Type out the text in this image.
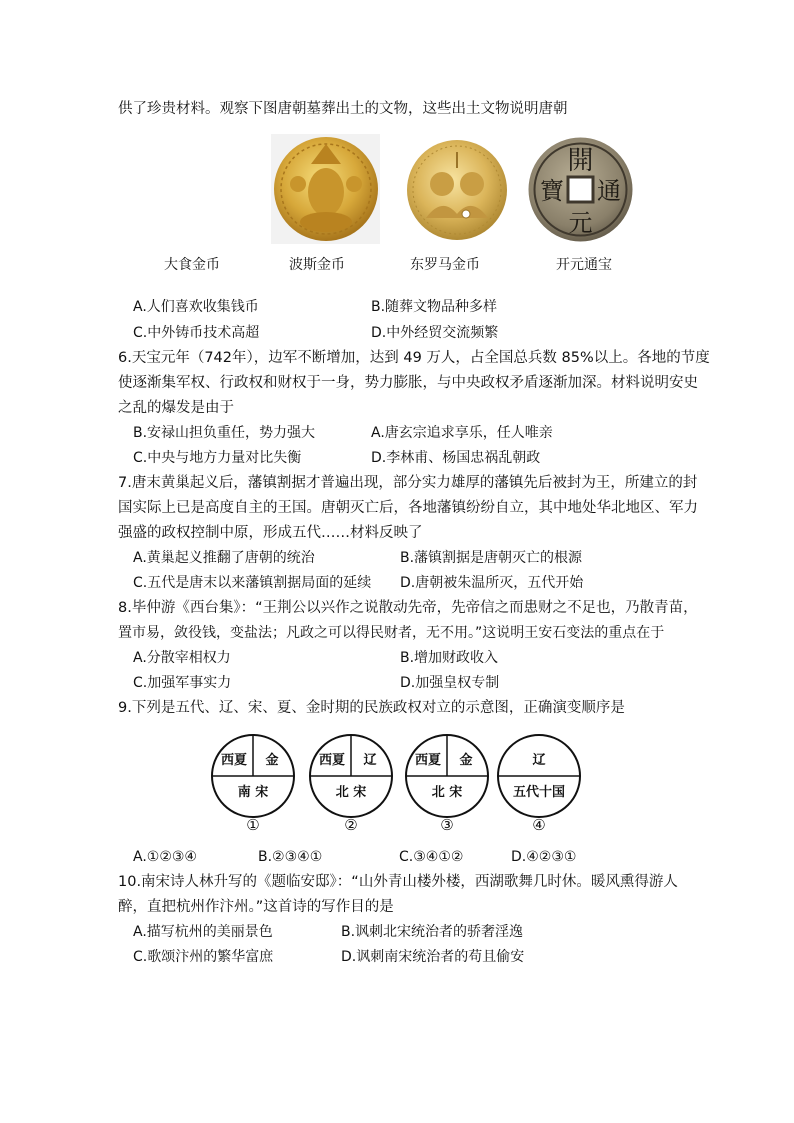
供了珍贵材料。观察下图唐朝墓葬出土的文物，这些出土文物说明唐朝
開
通
元
寶
大食金币	波斯金币	东罗马金币	开元通宝
A.人们喜欢收集钱币	B.随葬文物品种多样
C.中外铸币技术高超	D.中外经贸交流频繁
6.天宝元年（742年），边军不断增加，达到 49 万人，占全国总兵数 85%以上。各地的节度
使逐渐集军权、行政权和财权于一身，势力膨胀，与中央政权矛盾逐渐加深。材料说明安史
之乱的爆发是由于
B.安禄山担负重任，势力强大	A.唐玄宗追求享乐，任人唯亲
C.中央与地方力量对比失衡	D.李林甫、杨国忠祸乱朝政
7.唐末黄巢起义后，藩镇割据才普遍出现，部分实力雄厚的藩镇先后被封为王，所建立的封
国实际上已是高度自主的王国。唐朝灭亡后，各地藩镇纷纷自立，其中地处华北地区、军力
强盛的政权控制中原，形成五代……材料反映了
A.黄巢起义推翻了唐朝的统治	B.藩镇割据是唐朝灭亡的根源
C.五代是唐末以来藩镇割据局面的延续 D.唐朝被朱温所灭，五代开始
8.毕仲游《西台集》：“王荆公以兴作之说散动先帝，先帝信之而患财之不足也，乃散青苗，
置市易，敛役钱，变盐法；凡政之可以得民财者，无不用。”这说明王安石变法的重点在于
A.分散宰相权力	B.增加财政收入
C.加强军事实力	D.加强皇权专制
9.下列是五代、辽、宋、夏、金时期的民族政权对立的示意图，正确演变顺序是
西夏 金
南 宋
西夏 辽
北 宋
西夏 金
北 宋
辽
五代十国
①	②	③	④
A.①②③④	B.②③④①	C.③④①②	D.④②③①
10.南宋诗人林升写的《题临安邸》：“山外青山楼外楼，西湖歌舞几时休。暖风熏得游人
醉，直把杭州作汴州。”这首诗的写作目的是
A.描写杭州的美丽景色	B.讽刺北宋统治者的骄奢淫逸
C.歌颂汴州的繁华富庶	D.讽刺南宋统治者的苟且偷安
